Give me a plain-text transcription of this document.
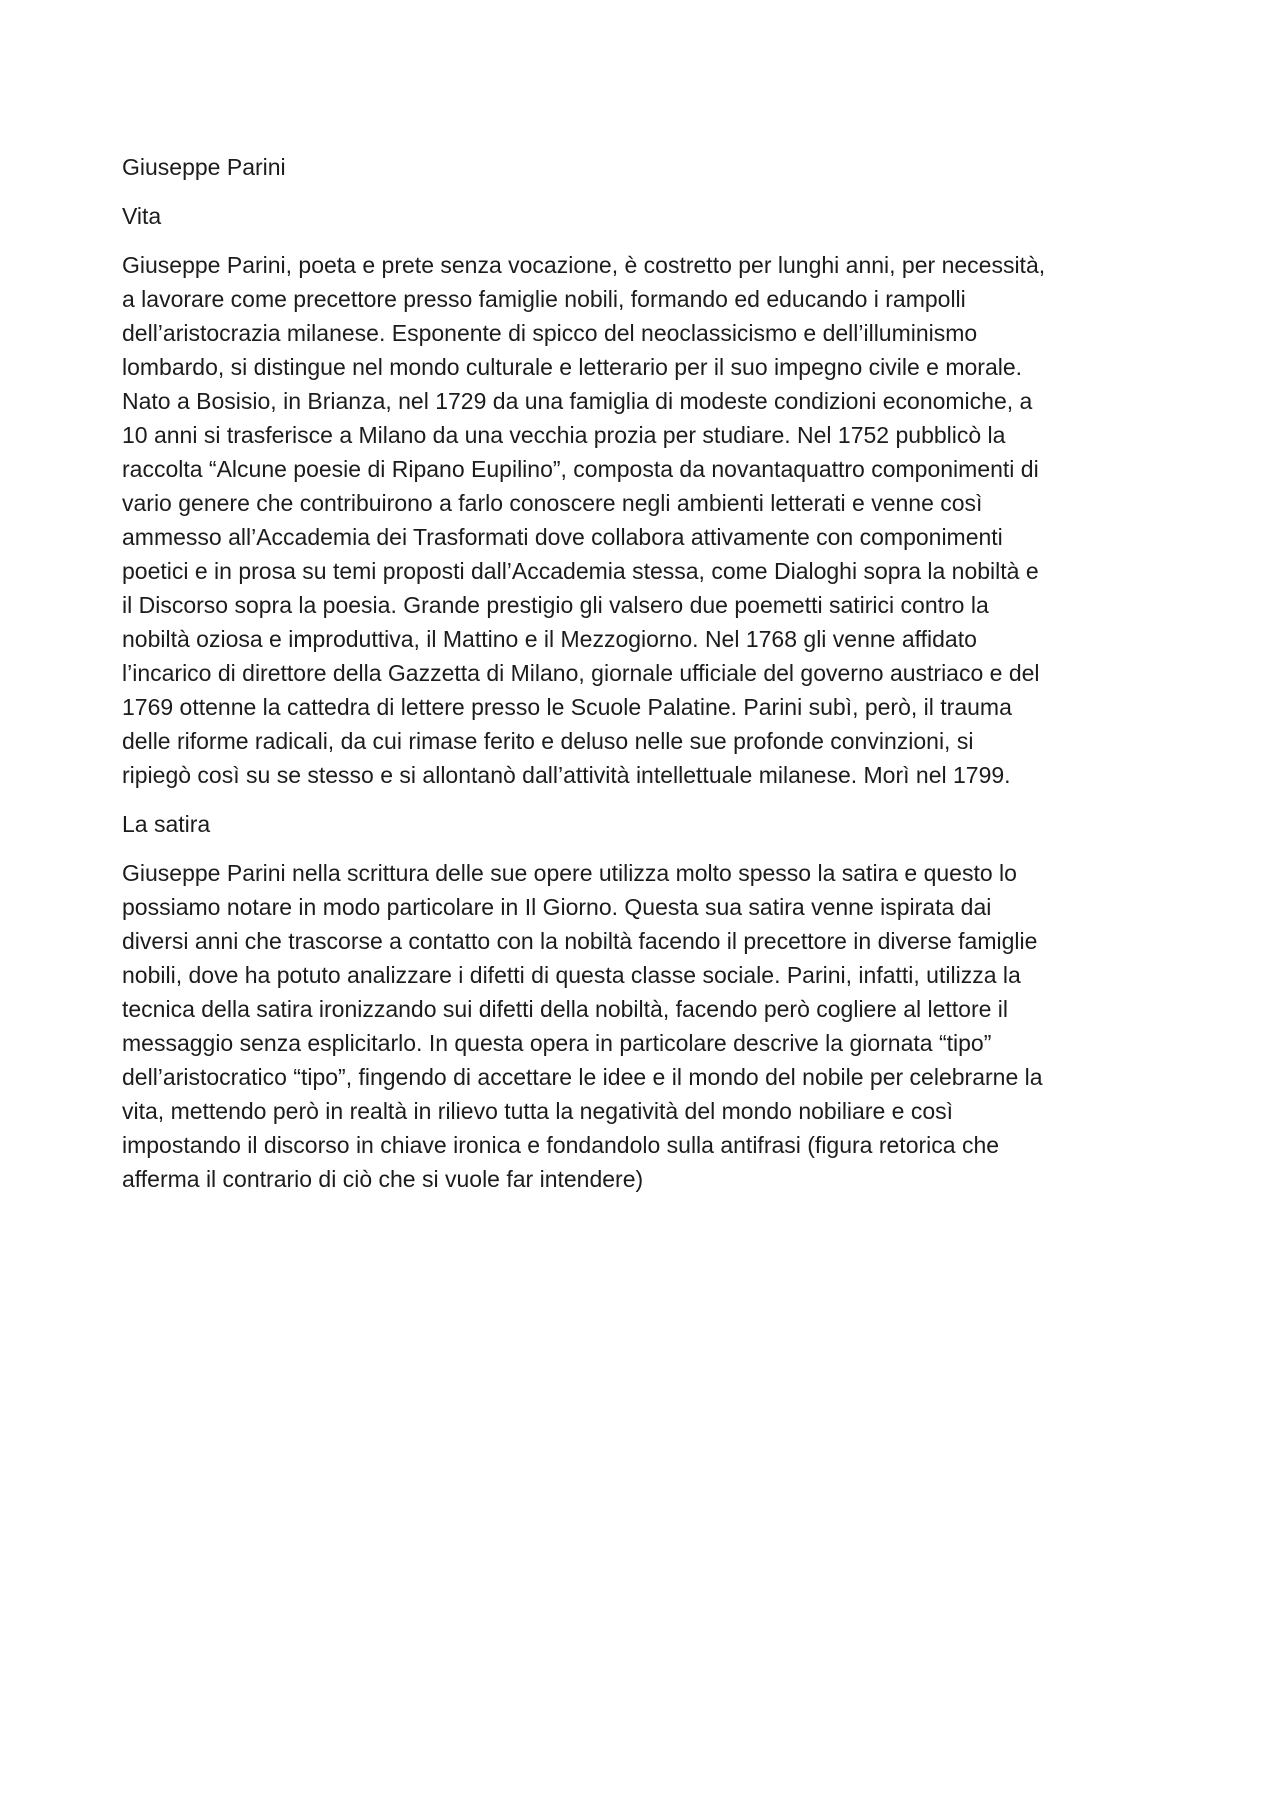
Giuseppe Parini
Vita
Giuseppe Parini, poeta e prete senza vocazione, è costretto per lunghi anni, per necessità,
a lavorare come precettore presso famiglie nobili, formando ed educando i rampolli
dell’aristocrazia milanese. Esponente di spicco del neoclassicismo e dell’illuminismo
lombardo, si distingue nel mondo culturale e letterario per il suo impegno civile e morale.
Nato a Bosisio, in Brianza, nel 1729 da una famiglia di modeste condizioni economiche, a
10 anni si trasferisce a Milano da una vecchia prozia per studiare. Nel 1752 pubblicò la
raccolta “Alcune poesie di Ripano Eupilino”, composta da novantaquattro componimenti di
vario genere che contribuirono a farlo conoscere negli ambienti letterati e venne così
ammesso all’Accademia dei Trasformati dove collabora attivamente con componimenti
poetici e in prosa su temi proposti dall’Accademia stessa, come Dialoghi sopra la nobiltà e
il Discorso sopra la poesia. Grande prestigio gli valsero due poemetti satirici contro la
nobiltà oziosa e improduttiva, il Mattino e il Mezzogiorno. Nel 1768 gli venne affidato
l’incarico di direttore della Gazzetta di Milano, giornale ufficiale del governo austriaco e del
1769 ottenne la cattedra di lettere presso le Scuole Palatine. Parini subì, però, il trauma
delle riforme radicali, da cui rimase ferito e deluso nelle sue profonde convinzioni, si
ripiegò così su se stesso e si allontanò dall’attività intellettuale milanese. Morì nel 1799.
La satira
Giuseppe Parini nella scrittura delle sue opere utilizza molto spesso la satira e questo lo
possiamo notare in modo particolare in Il Giorno. Questa sua satira venne ispirata dai
diversi anni che trascorse a contatto con la nobiltà facendo il precettore in diverse famiglie
nobili, dove ha potuto analizzare i difetti di questa classe sociale. Parini, infatti, utilizza la
tecnica della satira ironizzando sui difetti della nobiltà, facendo però cogliere al lettore il
messaggio senza esplicitarlo. In questa opera in particolare descrive la giornata “tipo”
dell’aristocratico “tipo”, fingendo di accettare le idee e il mondo del nobile per celebrarne la
vita, mettendo però in realtà in rilievo tutta la negatività del mondo nobiliare e così
impostando il discorso in chiave ironica e fondandolo sulla antifrasi (figura retorica che
afferma il contrario di ciò che si vuole far intendere)
